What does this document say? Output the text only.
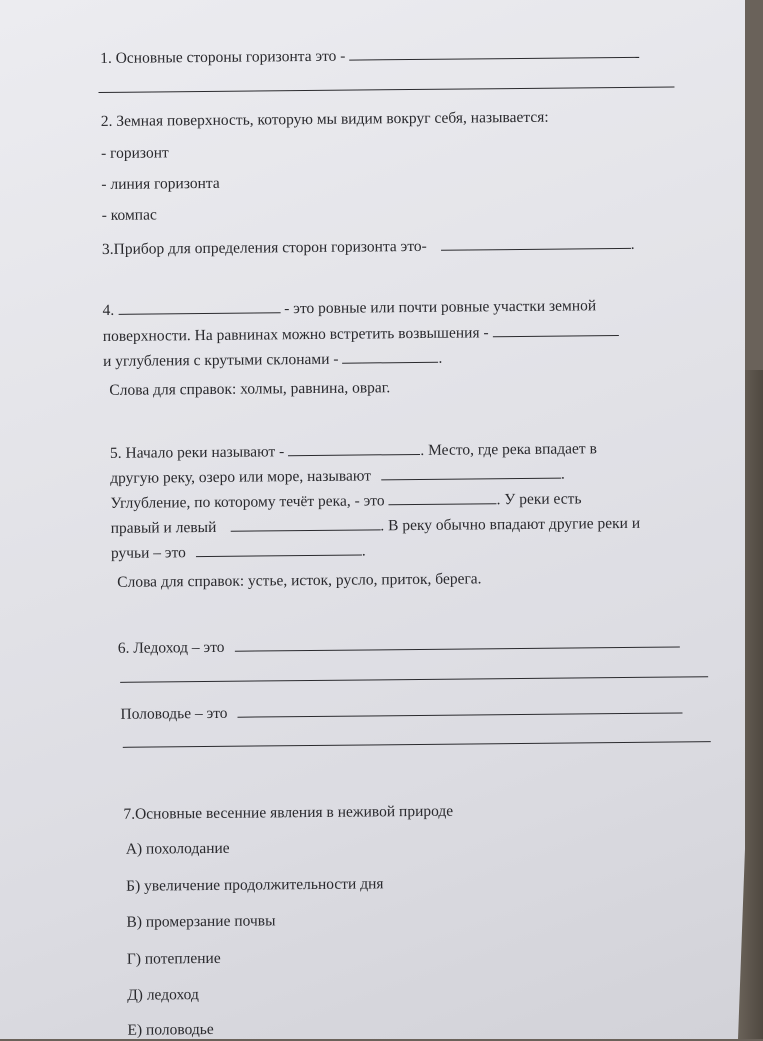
1. Основные стороны горизонта это -
2. Земная поверхность, которую мы видим вокруг себя, называется:
- горизонт
- линия горизонта
- компас
3.Прибор для определения сторон горизонта это-	.
4.	- это ровные или почти ровные участки земной
поверхности. На равнинах можно встретить возвышения -
и углубления с крутыми склонами -	.
Слова для справок: холмы, равнина, овраг.
5. Начало реки называют -	. Место, где река впадает в
другую реку, озеро или море, называют	.
Углубление, по которому течёт река, - это	. У реки есть
правый и левый	. В реку обычно впадают другие реки и
ручьи – это	.
Слова для справок: устье, исток, русло, приток, берега.
6. Ледоход – это
Половодье – это
7.Основные весенние явления в неживой природе
А) похолодание
Б) увеличение продолжительности дня
В) промерзание почвы
Г) потепление
Д) ледоход
Е) половодье
